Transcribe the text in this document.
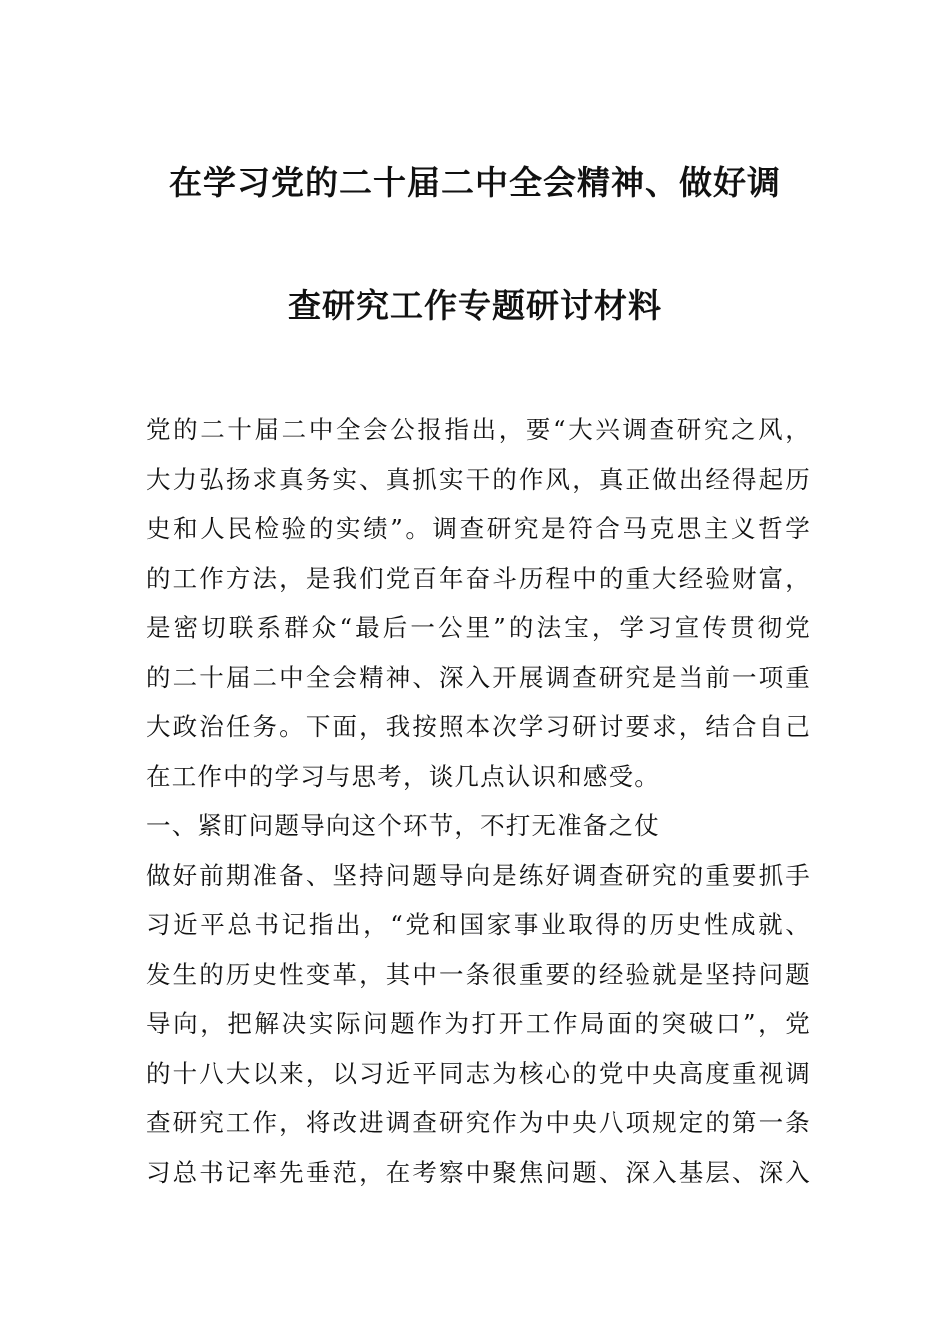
在学习党的二十届二中全会精神、做好调
查研究工作专题研讨材料
党的二十届二中全会公报指出，要“大兴调查研究之风，
大力弘扬求真务实、真抓实干的作风，真正做出经得起历
史和人民检验的实绩”。调查研究是符合马克思主义哲学
的工作方法，是我们党百年奋斗历程中的重大经验财富，
是密切联系群众“最后一公里”的法宝，学习宣传贯彻党
的二十届二中全会精神、深入开展调查研究是当前一项重
大政治任务。下面，我按照本次学习研讨要求，结合自己
在工作中的学习与思考，谈几点认识和感受。
一、紧盯问题导向这个环节，不打无准备之仗
做好前期准备、坚持问题导向是练好调查研究的重要抓手
习近平总书记指出，“党和国家事业取得的历史性成就、
发生的历史性变革，其中一条很重要的经验就是坚持问题
导向，把解决实际问题作为打开工作局面的突破口”，党
的十八大以来，以习近平同志为核心的党中央高度重视调
查研究工作，将改进调查研究作为中央八项规定的第一条
习总书记率先垂范，在考察中聚焦问题、深入基层、深入
